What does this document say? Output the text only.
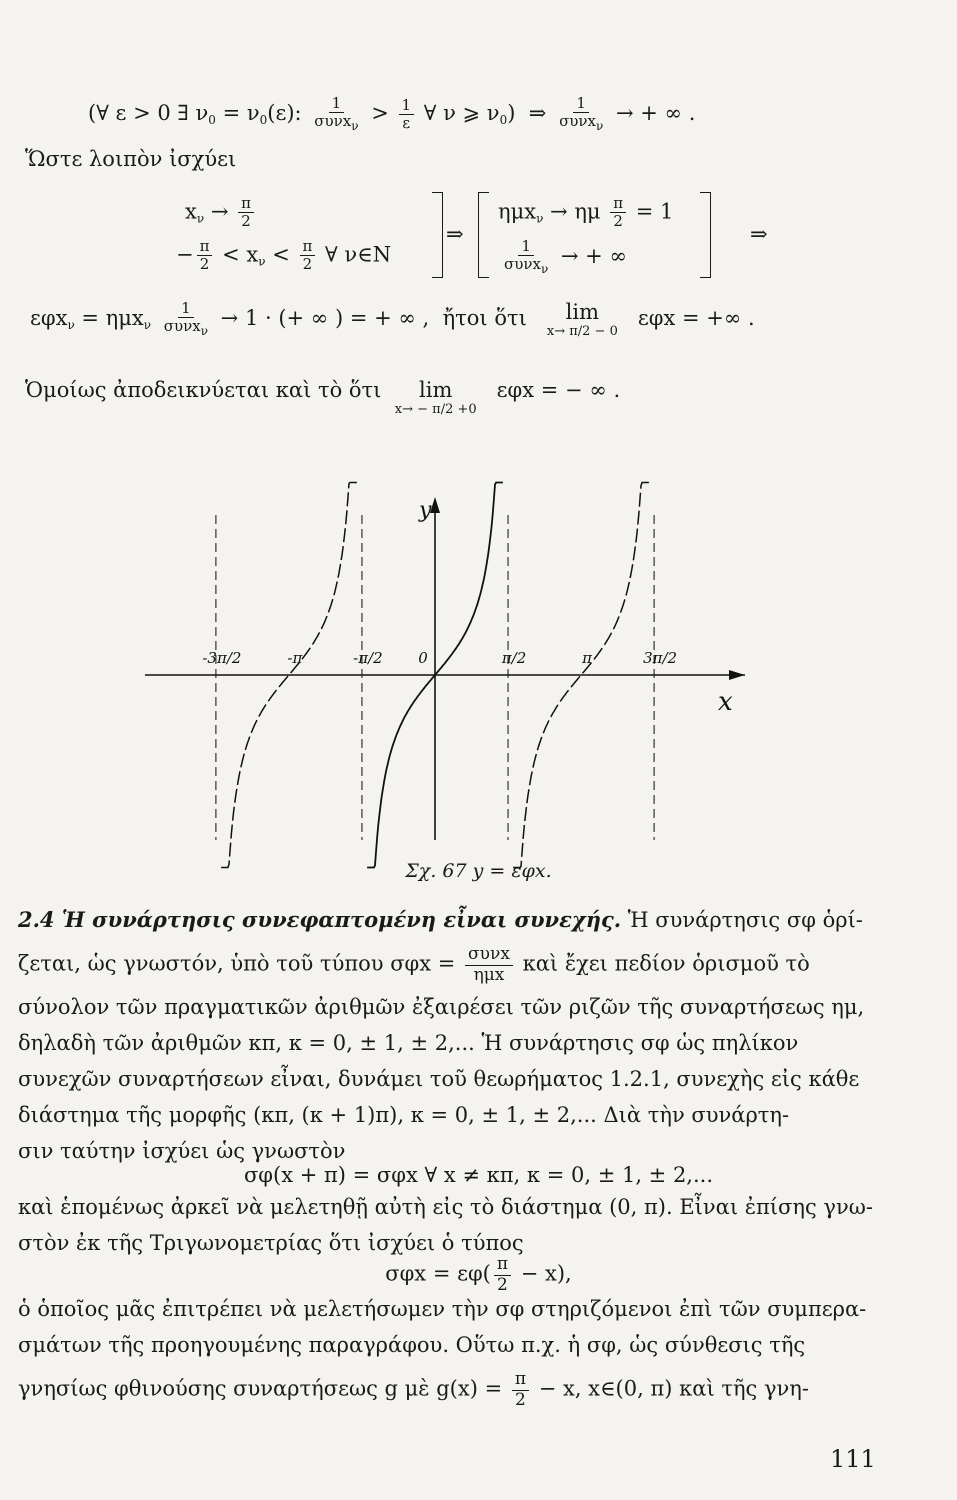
(∀ ε > 0 ∃ $\nu_0 = \nu_0(\varepsilon)$: $\frac{1}{\sigma\upsilon\nu x_\nu} > \frac{1}{\varepsilon}$ ∀ ν ⩾ $\nu_0$) ⇒ $\frac{1}{\sigma\upsilon\nu x_\nu}$ → + ∞ .
Ὥστε λοιπὸν ἰσχύει
$x_\nu \to \frac{\pi}{2}$
− $\frac{\pi}{2} < x_\nu < \frac{\pi}{2}$ ∀ ν∈N
⇒
ημx$_\nu$ → ημ $\frac{\pi}{2} = 1$
$\frac{1}{\sigma\upsilon\nu x_\nu}$ → + ∞
⇒
$\varepsilon\varphi x_\nu = \eta\mu x_\nu \frac{1}{\sigma\upsilon\nu x_\nu} \to 1$ · (+ ∞ ) = + ∞ , ἤτοι ὅτι lim
x→ π/2 − 0
εφx = +∞ .
Ὁμοίως ἀποδεικνύεται καὶ τὸ ὅτι lim
x→ − π/2 +0
εφx = − ∞ .
x
y
-3π/2	-π	-π/2 0	π/2	π	3π/2
Σχ. 67 y = εφx.
2.4 Ἡ συνάρτησις συνεφαπτομένη εἶναι συνεχής. Ἡ συνάρτησις σφ ὁρί-
ζεται, ὡς γνωστόν, ὑπὸ τοῦ τύπου $\sigma\varphi x = \frac{\text{συνx}}{\text{ημx}}$ καὶ ἔχει πεδίον ὁρισμοῦ τὸ
σύνολον τῶν πραγματικῶν ἀριθμῶν ἐξαιρέσει τῶν ριζῶν τῆς συναρτήσεως ημ,
δηλαδὴ τῶν ἀριθμῶν κπ, κ = 0, ± 1, ± 2,... Ἡ συνάρτησις σφ ὡς πηλίκον
συνεχῶν συναρτήσεων εἶναι, δυνάμει τοῦ θεωρήματος 1.2.1, συνεχὴς εἰς κάθε
διάστημα τῆς μορφῆς (κπ, (κ + 1)π), κ = 0, ± 1, ± 2,... Διὰ τὴν συνάρτη-
σιν ταύτην ἰσχύει ὡς γνωστὸν
σφ(x + π) = σφx ∀ x ≠ κπ, κ = 0, ± 1, ± 2,...
καὶ ἑπομένως ἀρκεῖ νὰ μελετηθῇ αὐτὴ εἰς τὸ διάστημα (0, π). Εἶναι ἐπίσης γνω-
στὸν ἐκ τῆς Τριγωνομετρίας ὅτι ἰσχύει ὁ τύπος
$\sigma\varphi x = \varepsilon\varphi( \frac{\pi}{2} - x)$,
ὁ ὁποῖος μᾶς ἐπιτρέπει νὰ μελετήσωμεν τὴν σφ στηριζόμενοι ἐπὶ τῶν συμπερα-
σμάτων τῆς προηγουμένης παραγράφου. Οὕτω π.χ. ἡ σφ, ὡς σύνθεσις τῆς
γνησίως φθινούσης συναρτήσεως g μὲ $g(x) = \frac{\pi}{2} - x$, x∈(0, π) καὶ τῆς γνη-
111
